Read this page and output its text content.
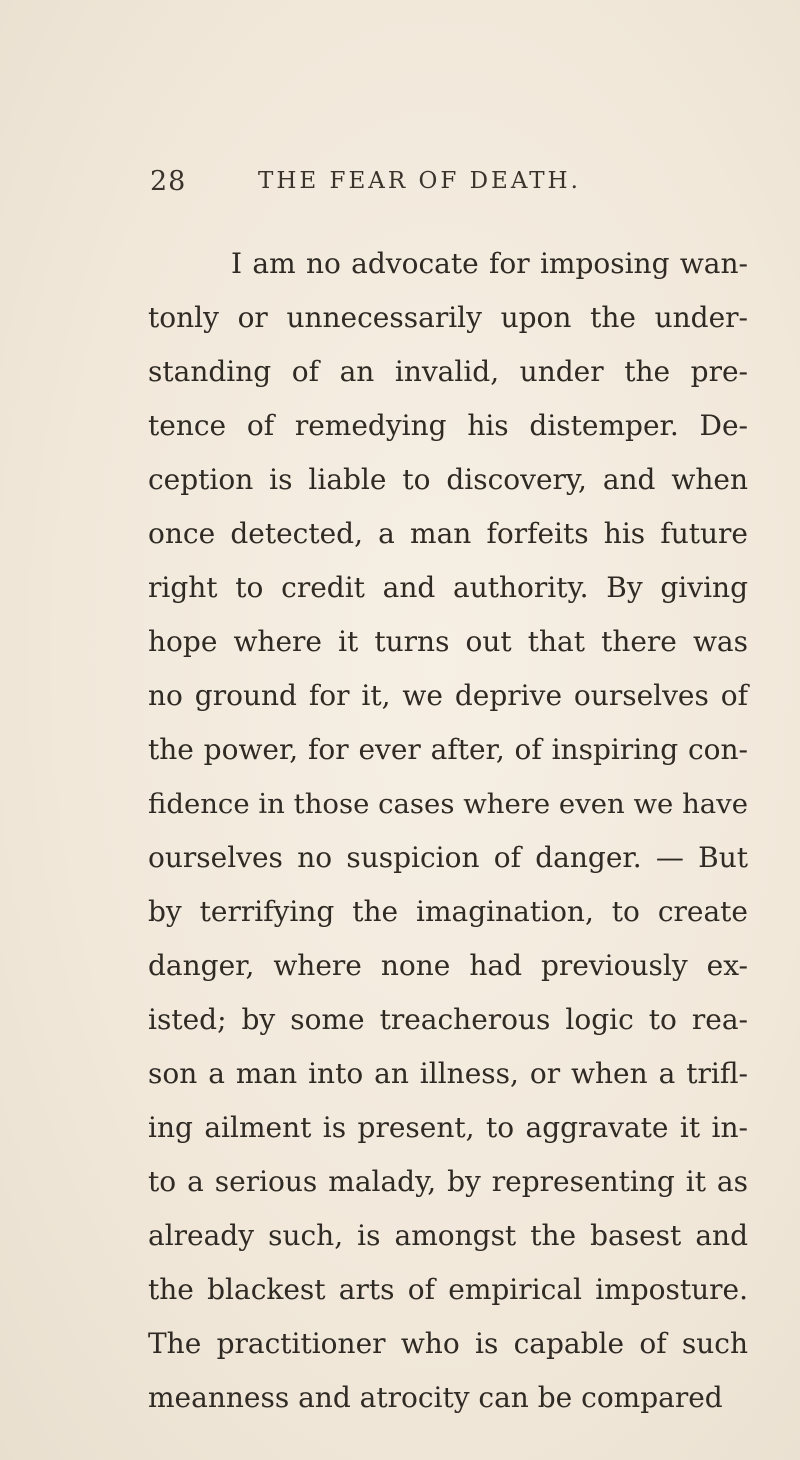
28	THE FEAR OF DEATH.
I am no advocate for imposing wan-
tonly or unnecessarily upon the under-
standing of an invalid, under the pre-
tence of remedying his distemper. De-
ception is liable to discovery, and when
once detected, a man forfeits his future
right to credit and authority. By giving
hope where it turns out that there was
no ground for it, we deprive ourselves of
the power, for ever after, of inspiring con-
fidence in those cases where even we have
ourselves no suspicion of danger. — But
by terrifying the imagination, to create
danger, where none had previously ex-
isted; by some treacherous logic to rea-
son a man into an illness, or when a trifl-
ing ailment is present, to aggravate it in-
to a serious malady, by representing it as
already such, is amongst the basest and
the blackest arts of empirical imposture.
The practitioner who is capable of such
meanness and atrocity can be compared
